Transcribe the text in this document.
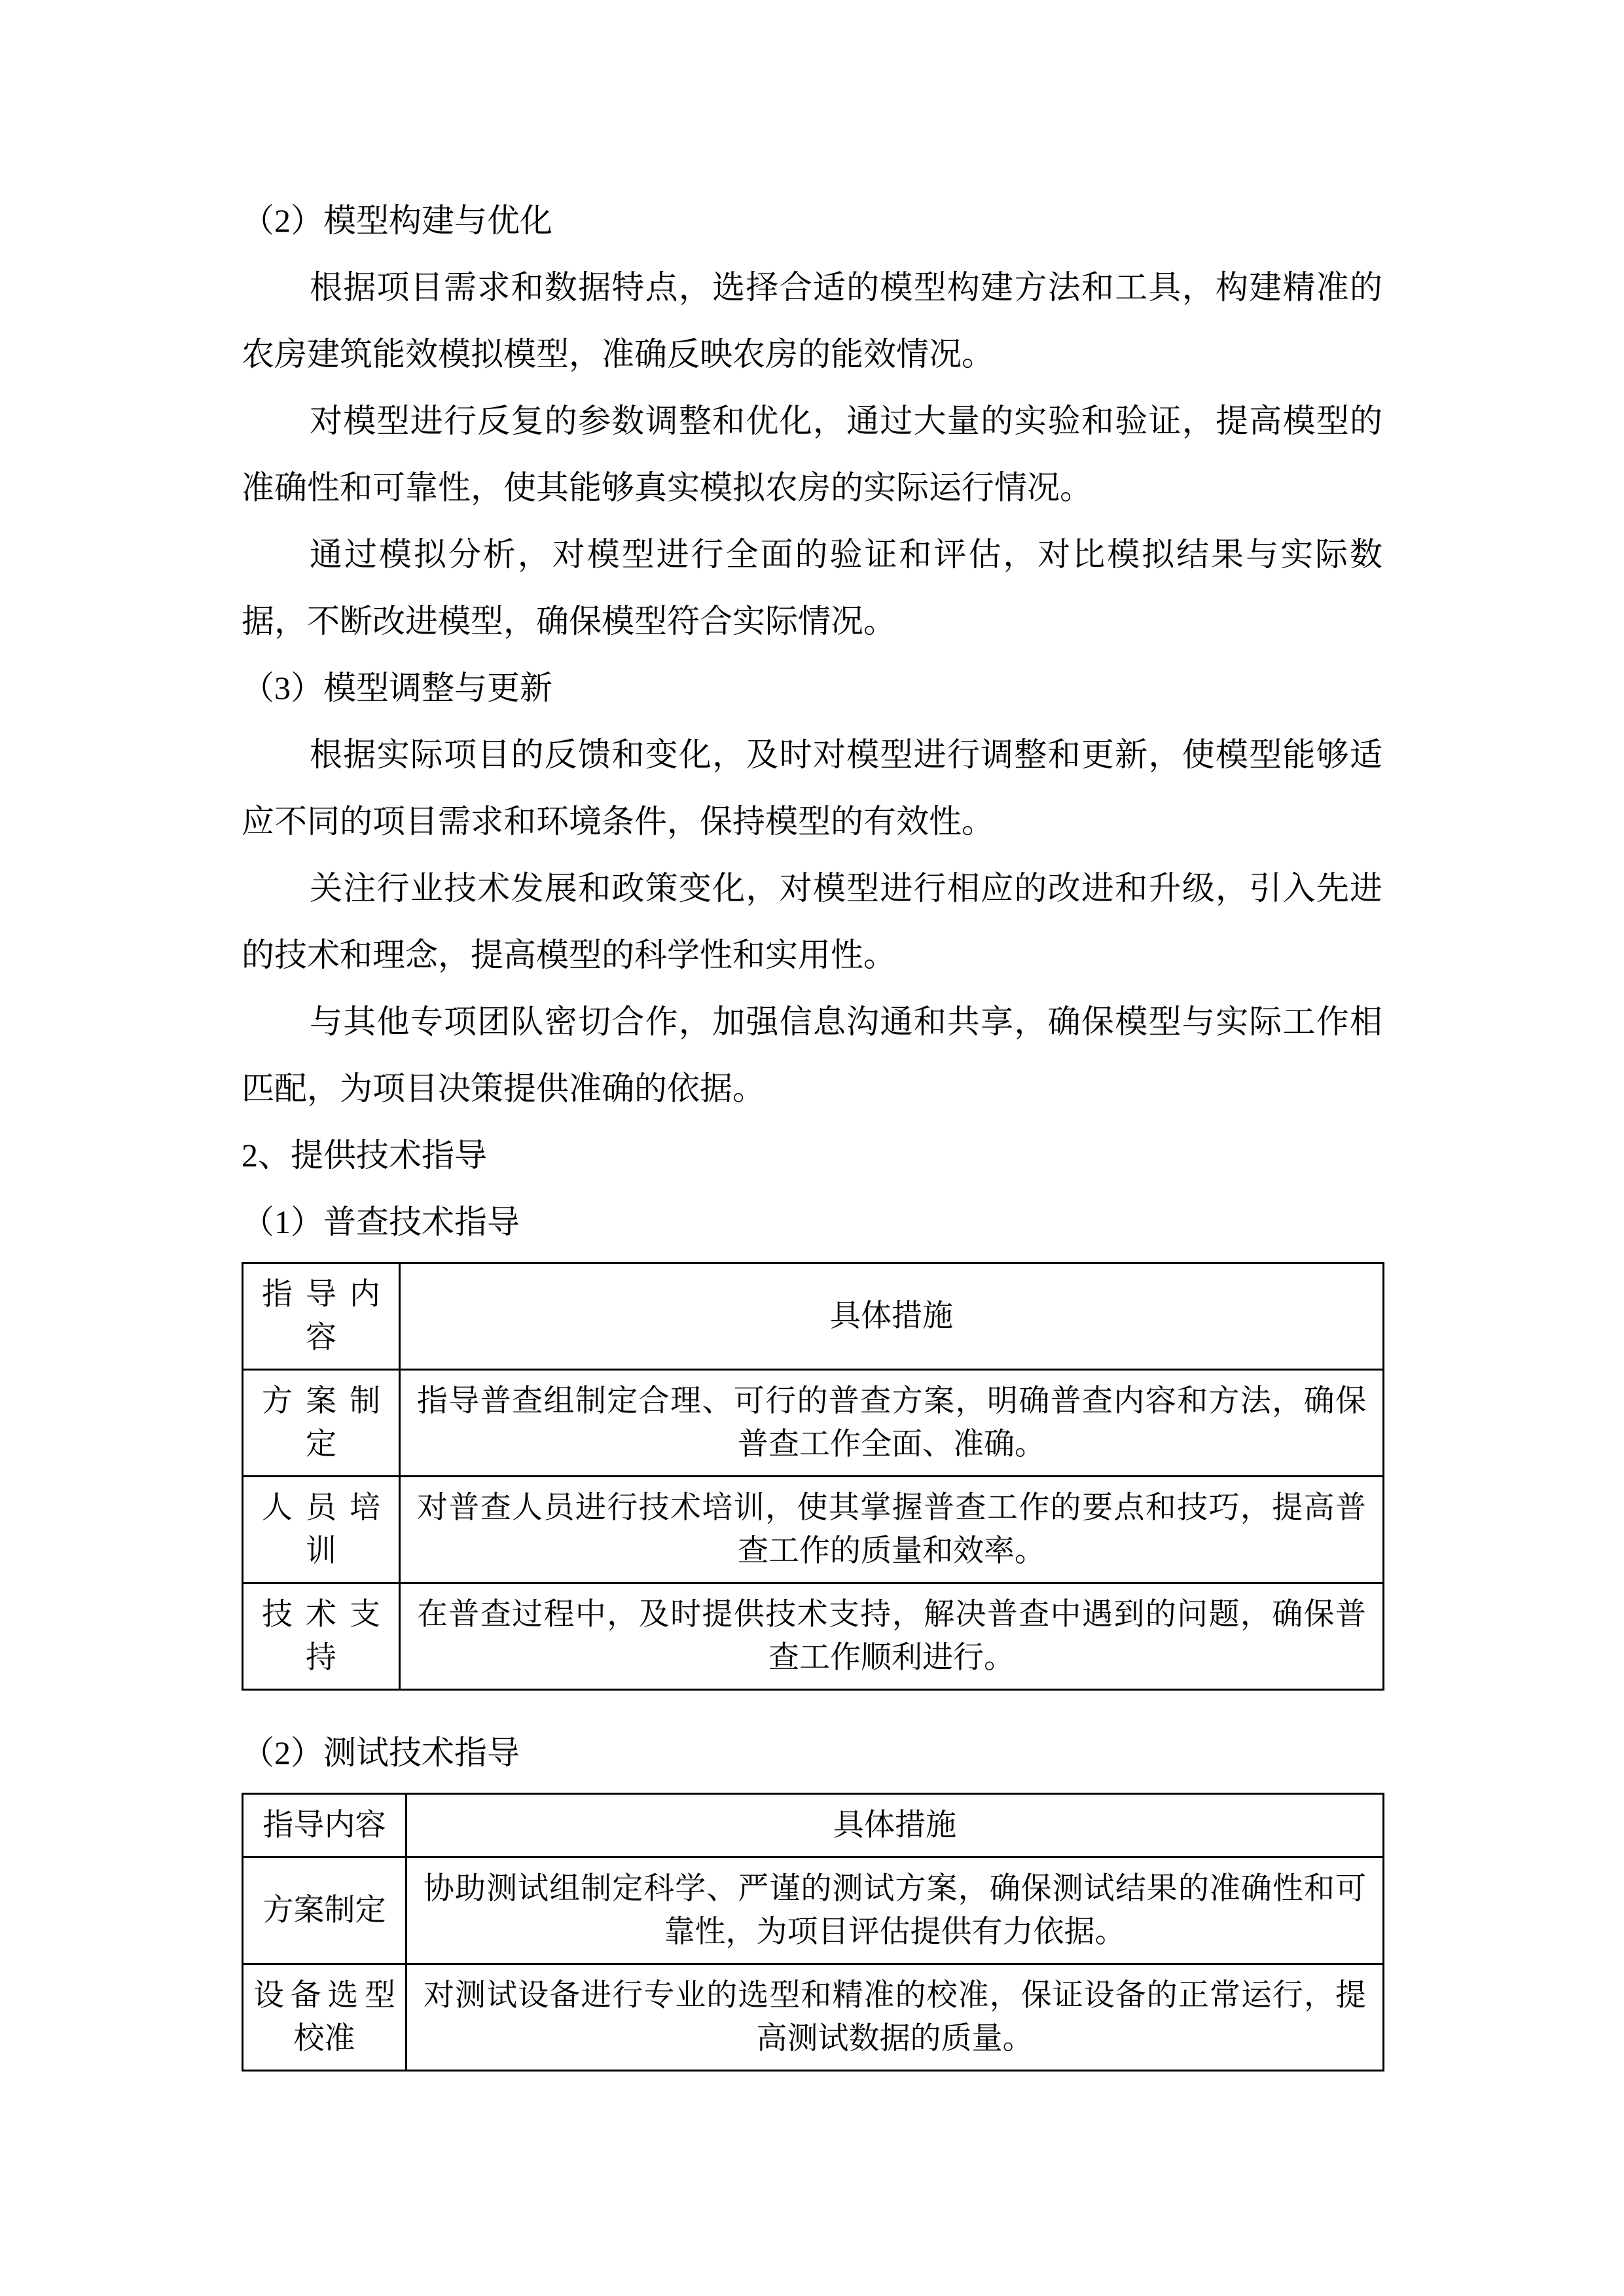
（2）模型构建与优化

根据项目需求和数据特点，选择合适的模型构建方法和工具，构建精准的农房建筑能效模拟模型，准确反映农房的能效情况。

对模型进行反复的参数调整和优化，通过大量的实验和验证，提高模型的准确性和可靠性，使其能够真实模拟农房的实际运行情况。

通过模拟分析，对模型进行全面的验证和评估，对比模拟结果与实际数据，不断改进模型，确保模型符合实际情况。

（3）模型调整与更新

根据实际项目的反馈和变化，及时对模型进行调整和更新，使模型能够适应不同的项目需求和环境条件，保持模型的有效性。

关注行业技术发展和政策变化，对模型进行相应的改进和升级，引入先进的技术和理念，提高模型的科学性和实用性。

与其他专项团队密切合作，加强信息沟通和共享，确保模型与实际工作相匹配，为项目决策提供准确的依据。

2、提供技术指导

（1）普查技术指导

指导内容	具体措施
方案制定	指导普查组制定合理、可行的普查方案，明确普查内容和方法，确保普查工作全面、准确。
人员培训	对普查人员进行技术培训，使其掌握普查工作的要点和技巧，提高普查工作的质量和效率。
技术支持	在普查过程中，及时提供技术支持，解决普查中遇到的问题，确保普查工作顺利进行。

（2）测试技术指导

指导内容	具体措施
方案制定	协助测试组制定科学、严谨的测试方案，确保测试结果的准确性和可靠性，为项目评估提供有力依据。
设备选型校准	对测试设备进行专业的选型和精准的校准，保证设备的正常运行，提高测试数据的质量。
